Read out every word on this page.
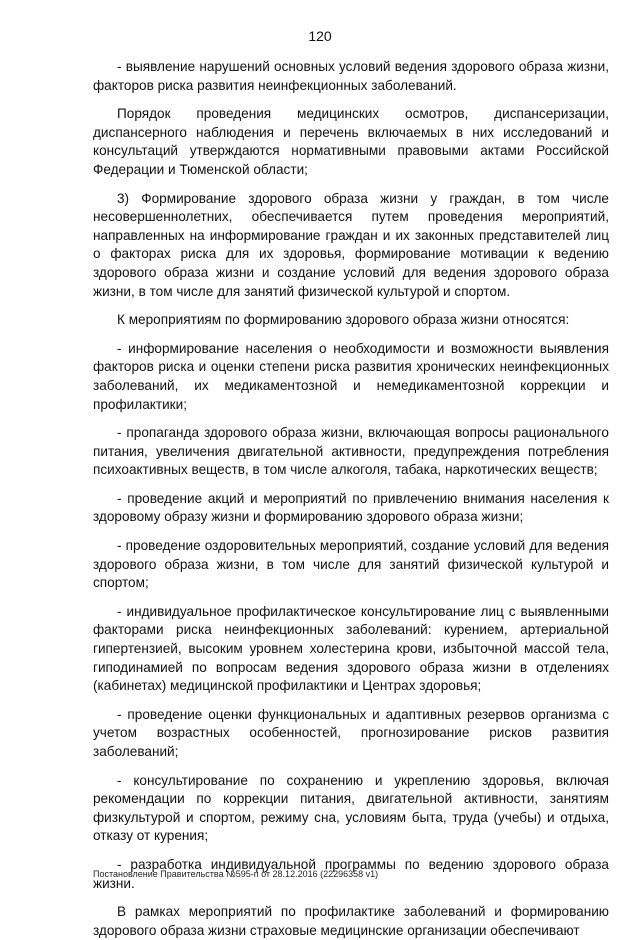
120

- выявление нарушений основных условий ведения здорового образа жизни, факторов риска развития неинфекционных заболеваний.

Порядок проведения медицинских осмотров, диспансеризации, диспансерного наблюдения и перечень включаемых в них исследований и консультаций утверждаются нормативными правовыми актами Российской Федерации и Тюменской области;

3) Формирование здорового образа жизни у граждан, в том числе несовершеннолетних, обеспечивается путем проведения мероприятий, направленных на информирование граждан и их законных представителей лиц о факторах риска для их здоровья, формирование мотивации к ведению здорового образа жизни и создание условий для ведения здорового образа жизни, в том числе для занятий физической культурой и спортом.

К мероприятиям по формированию здорового образа жизни относятся:

- информирование населения о необходимости и возможности выявления факторов риска и оценки степени риска развития хронических неинфекционных заболеваний, их медикаментозной и немедикаментозной коррекции и профилактики;

- пропаганда здорового образа жизни, включающая вопросы рационального питания, увеличения двигательной активности, предупреждения потребления психоактивных веществ, в том числе алкоголя, табака, наркотических веществ;

- проведение акций и мероприятий по привлечению внимания населения к здоровому образу жизни и формированию здорового образа жизни;

- проведение оздоровительных мероприятий, создание условий для ведения здорового образа жизни, в том числе для занятий физической культурой и спортом;

- индивидуальное профилактическое консультирование лиц с выявленными факторами риска неинфекционных заболеваний: курением, артериальной гипертензией, высоким уровнем холестерина крови, избыточной массой тела, гиподинамией по вопросам ведения здорового образа жизни в отделениях (кабинетах) медицинской профилактики и Центрах здоровья;

- проведение оценки функциональных и адаптивных резервов организма с учетом возрастных особенностей, прогнозирование рисков развития заболеваний;

- консультирование по сохранению и укреплению здоровья, включая рекомендации по коррекции питания, двигательной активности, занятиям физкультурой и спортом, режиму сна, условиям быта, труда (учебы) и отдыха, отказу от курения;

- разработка индивидуальной программы по ведению здорового образа жизни.

В рамках мероприятий по профилактике заболеваний и формированию здорового образа жизни страховые медицинские организации обеспечивают

Постановление Правительства №595-п от 28.12.2016 (22296358 v1)
